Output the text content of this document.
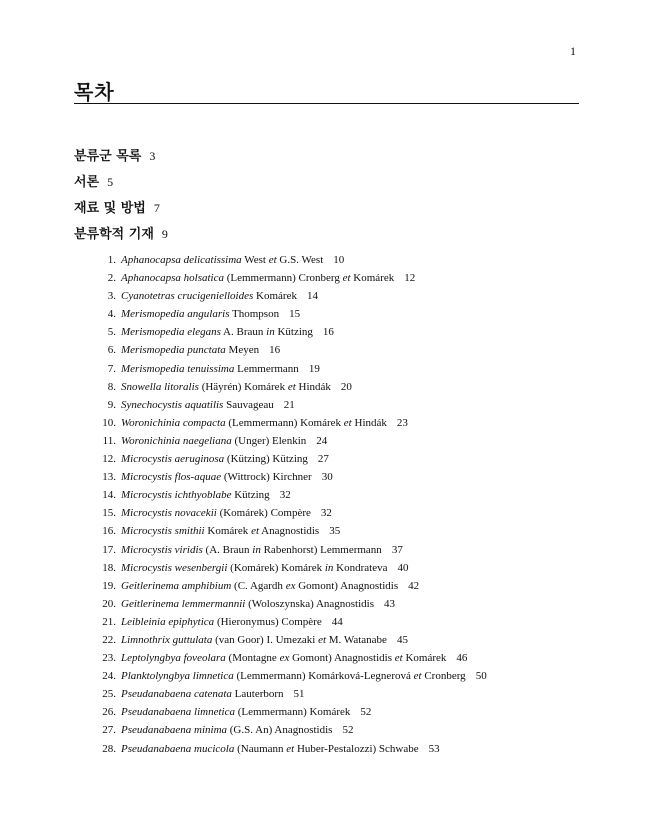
1
목차
분류군 목록 3
서론 5
재료 및 방법 7
분류학적 기재 9
1. Aphanocapsa delicatissima West et G.S. West 10
2. Aphanocapsa holsatica (Lemmermann) Cronberg et Komárek 12
3. Cyanotetras crucigenielloides Komárek 14
4. Merismopedia angularis Thompson 15
5. Merismopedia elegans A. Braun in Kützing 16
6. Merismopedia punctata Meyen 16
7. Merismopedia tenuissima Lemmermann 19
8. Snowella litoralis (Häyrén) Komárek et Hindák 20
9. Synechocystis aquatilis Sauvageau 21
10. Woronichinia compacta (Lemmermann) Komárek et Hindák 23
11. Woronichinia naegeliana (Unger) Elenkin 24
12. Microcystis aeruginosa (Kützing) Kützing 27
13. Microcystis flos-aquae (Wittrock) Kirchner 30
14. Microcystis ichthyoblabe Kützing 32
15. Microcystis novacekii (Komárek) Compère 32
16. Microcystis smithii Komárek et Anagnostidis 35
17. Microcystis viridis (A. Braun in Rabenhorst) Lemmermann 37
18. Microcystis wesenbergii (Komárek) Komárek in Kondrateva 40
19. Geitlerinema amphibium (C. Agardh ex Gomont) Anagnostidis 42
20. Geitlerinema lemmermannii (Woloszynska) Anagnostidis 43
21. Leibleinia epiphytica (Hieronymus) Compère 44
22. Limnothrix guttulata (van Goor) I. Umezaki et M. Watanabe 45
23. Leptolyngbya foveolara (Montagne ex Gomont) Anagnostidis et Komárek 46
24. Planktolyngbya limnetica (Lemmermann) Komárková-Legnerová et Cronberg 50
25. Pseudanabaena catenata Lauterborn 51
26. Pseudanabaena limnetica (Lemmermann) Komárek 52
27. Pseudanabaena minima (G.S. An) Anagnostidis 52
28. Pseudanabaena mucicola (Naumann et Huber-Pestalozzi) Schwabe 53
